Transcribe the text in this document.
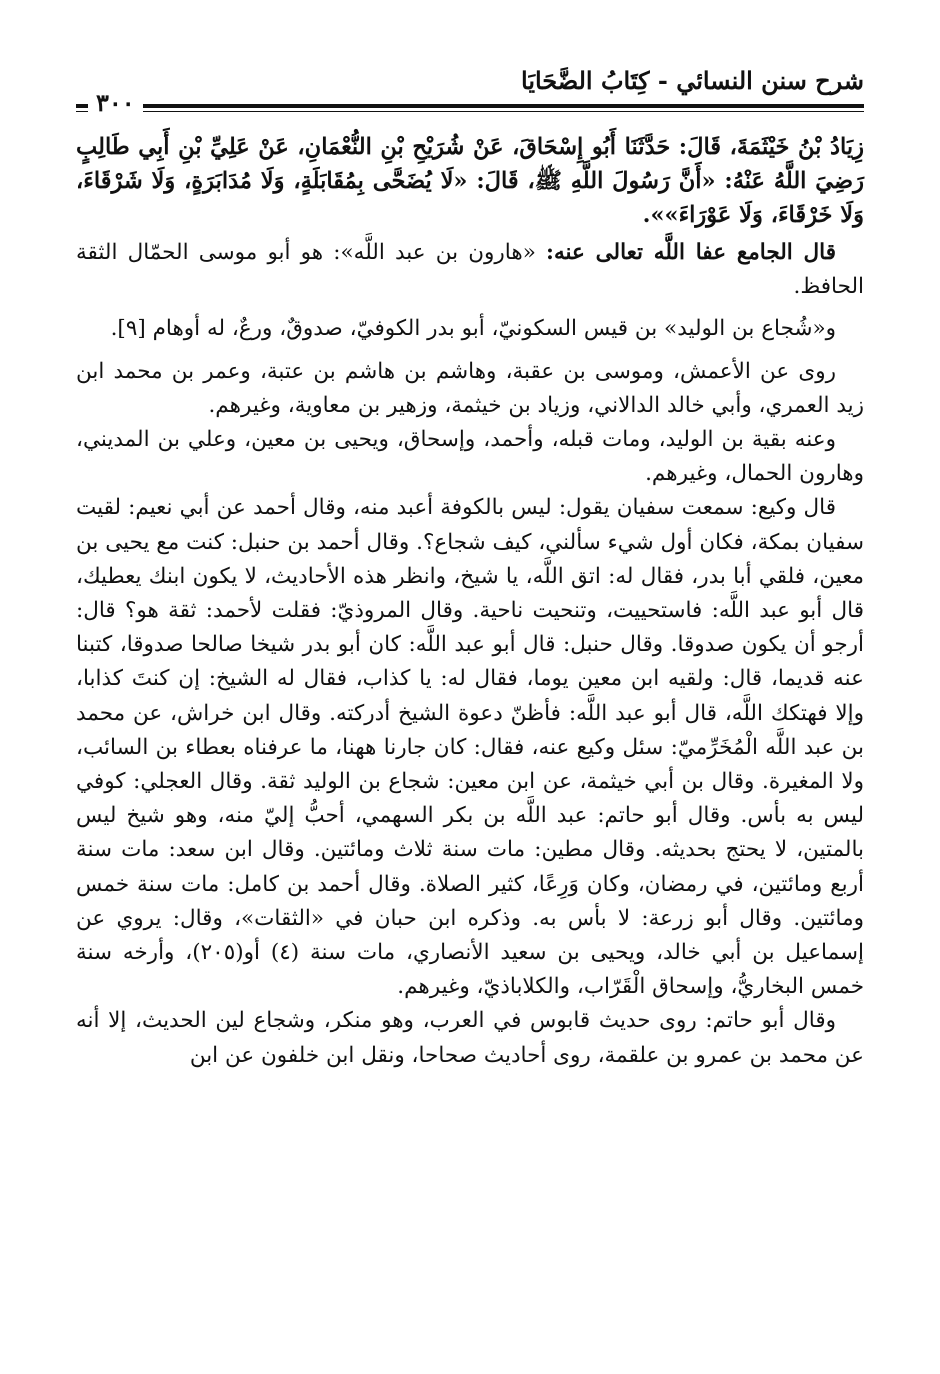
شرح سنن النسائي - كِتَابُ الضَّحَايَا
٣٠٠

زِيَادُ بْنُ خَيْثَمَةَ، قَالَ: حَدَّثَنَا أَبُو إِسْحَاقَ، عَنْ شُرَيْحِ بْنِ النُّعْمَانِ، عَنْ عَلِيِّ بْنِ أَبِي طَالِبٍ رَضِيَ اللَّهُ عَنْهُ: «أَنَّ رَسُولَ اللَّهِ ﷺ، قَالَ: «لَا يُضَحَّى بِمُقَابَلَةٍ، وَلَا مُدَابَرَةٍ، وَلَا شَرْقَاءَ، وَلَا خَرْقَاءَ، وَلَا عَوْرَاءَ»».

قال الجامع عفا اللَّه تعالى عنه: «هارون بن عبد اللَّه»: هو أبو موسى الحمّال الثقة الحافظ.

و«شُجاع بن الوليد» بن قيس السكونيّ، أبو بدر الكوفيّ، صدوقٌ، ورعٌ، له أوهام [٩].

روى عن الأعمش، وموسى بن عقبة، وهاشم بن هاشم بن عتبة، وعمر بن محمد ابن زيد العمري، وأبي خالد الدالاني، وزياد بن خيثمة، وزهير بن معاوية، وغيرهم.

وعنه بقية بن الوليد، ومات قبله، وأحمد، وإسحاق، ويحيى بن معين، وعلي بن المديني، وهارون الحمال، وغيرهم.

قال وكيع: سمعت سفيان يقول: ليس بالكوفة أعبد منه، وقال أحمد عن أبي نعيم: لقيت سفيان بمكة، فكان أول شيء سألني، كيف شجاع؟. وقال أحمد بن حنبل: كنت مع يحيى بن معين، فلقي أبا بدر، فقال له: اتق اللَّه، يا شيخ، وانظر هذه الأحاديث، لا يكون ابنك يعطيك، قال أبو عبد اللَّه: فاستحييت، وتنحيت ناحية. وقال المروذيّ: فقلت لأحمد: ثقة هو؟ قال: أرجو أن يكون صدوقا. وقال حنبل: قال أبو عبد اللَّه: كان أبو بدر شيخا صالحا صدوقا، كتبنا عنه قديما، قال: ولقيه ابن معين يوما، فقال له: يا كذاب، فقال له الشيخ: إن كنتَ كذابا، وإلا فهتكك اللَّه، قال أبو عبد اللَّه: فأظنّ دعوة الشيخ أدركته. وقال ابن خراش، عن محمد بن عبد اللَّه الْمُخَرِّميّ: سئل وكيع عنه، فقال: كان جارنا ههنا، ما عرفناه بعطاء بن السائب، ولا المغيرة. وقال بن أبي خيثمة، عن ابن معين: شجاع بن الوليد ثقة. وقال العجلي: كوفي ليس به بأس. وقال أبو حاتم: عبد اللَّه بن بكر السهمي، أحبُّ إليّ منه، وهو شيخ ليس بالمتين، لا يحتج بحديثه. وقال مطين: مات سنة ثلاث ومائتين. وقال ابن سعد: مات سنة أربع ومائتين، في رمضان، وكان وَرِعًا، كثير الصلاة. وقال أحمد بن كامل: مات سنة خمس ومائتين. وقال أبو زرعة: لا بأس به. وذكره ابن حبان في «الثقات»، وقال: يروي عن إسماعيل بن أبي خالد، ويحيى بن سعيد الأنصاري، مات سنة (٤) أو(٢٠٥)، وأرخه سنة خمس البخاريُّ، وإسحاق الْقَرّاب، والكلاباذيّ، وغيرهم.

وقال أبو حاتم: روى حديث قابوس في العرب، وهو منكر، وشجاع لين الحديث، إلا أنه عن محمد بن عمرو بن علقمة، روى أحاديث صحاحا، ونقل ابن خلفون عن ابن
